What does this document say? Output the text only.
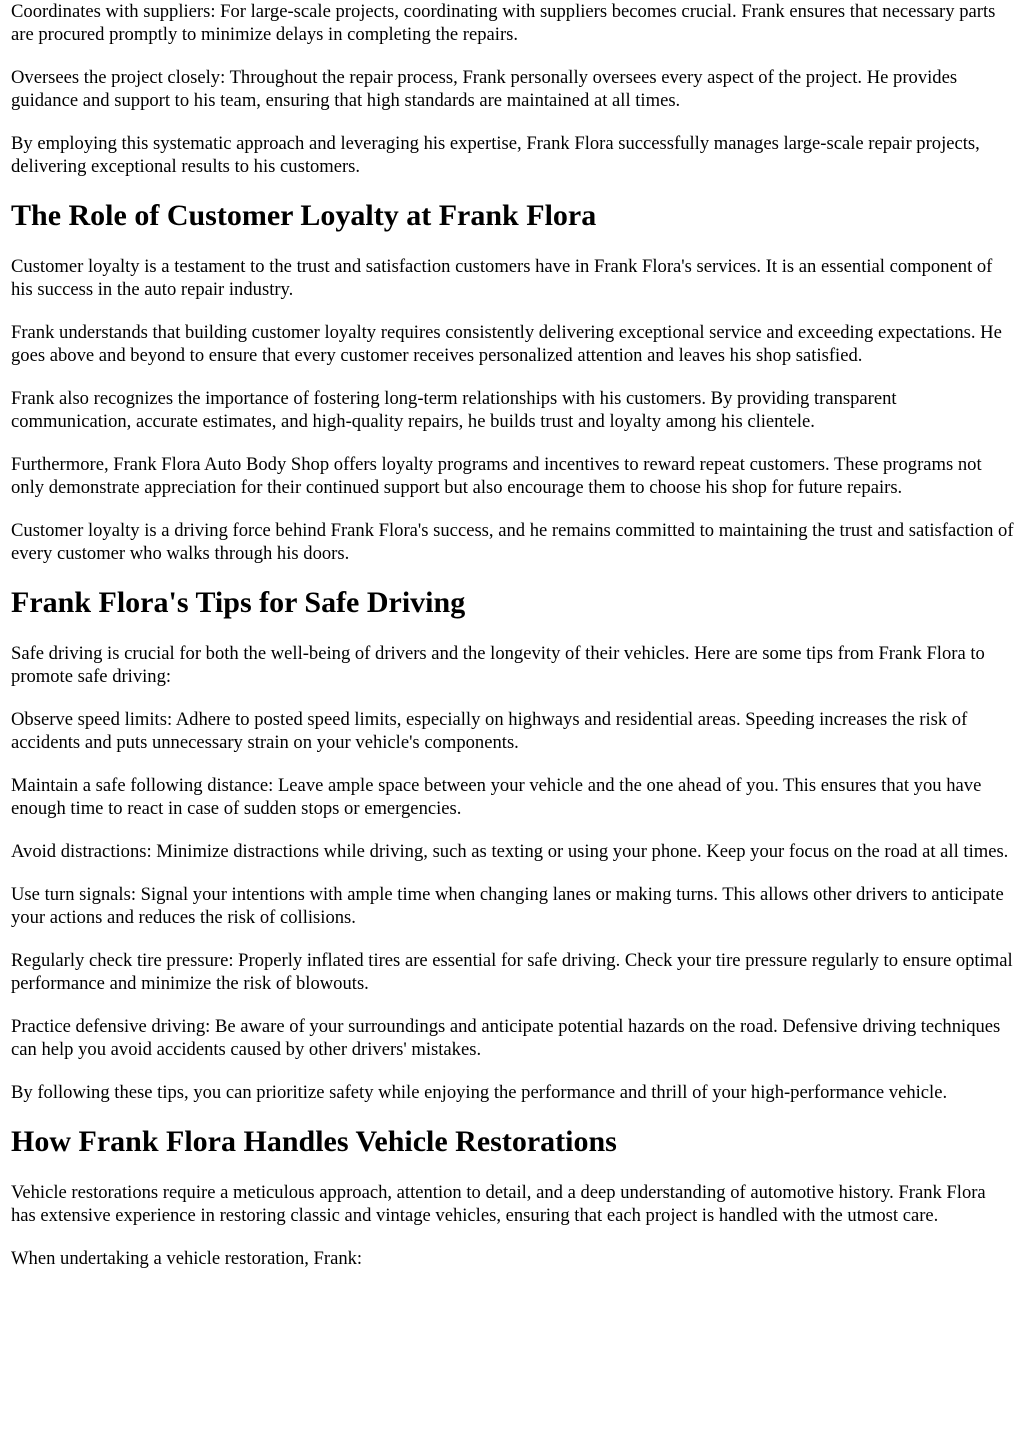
Coordinates with suppliers: For large-scale projects, coordinating with suppliers becomes crucial. Frank ensures that necessary parts are procured promptly to minimize delays in completing the repairs.

Oversees the project closely: Throughout the repair process, Frank personally oversees every aspect of the project. He provides guidance and support to his team, ensuring that high standards are maintained at all times.

By employing this systematic approach and leveraging his expertise, Frank Flora successfully manages large-scale repair projects, delivering exceptional results to his customers.

The Role of Customer Loyalty at Frank Flora

Customer loyalty is a testament to the trust and satisfaction customers have in Frank Flora's services. It is an essential component of his success in the auto repair industry.

Frank understands that building customer loyalty requires consistently delivering exceptional service and exceeding expectations. He goes above and beyond to ensure that every customer receives personalized attention and leaves his shop satisfied.

Frank also recognizes the importance of fostering long-term relationships with his customers. By providing transparent communication, accurate estimates, and high-quality repairs, he builds trust and loyalty among his clientele.

Furthermore, Frank Flora Auto Body Shop offers loyalty programs and incentives to reward repeat customers. These programs not only demonstrate appreciation for their continued support but also encourage them to choose his shop for future repairs.

Customer loyalty is a driving force behind Frank Flora's success, and he remains committed to maintaining the trust and satisfaction of every customer who walks through his doors.

Frank Flora's Tips for Safe Driving

Safe driving is crucial for both the well-being of drivers and the longevity of their vehicles. Here are some tips from Frank Flora to promote safe driving:

Observe speed limits: Adhere to posted speed limits, especially on highways and residential areas. Speeding increases the risk of accidents and puts unnecessary strain on your vehicle's components.

Maintain a safe following distance: Leave ample space between your vehicle and the one ahead of you. This ensures that you have enough time to react in case of sudden stops or emergencies.

Avoid distractions: Minimize distractions while driving, such as texting or using your phone. Keep your focus on the road at all times.

Use turn signals: Signal your intentions with ample time when changing lanes or making turns. This allows other drivers to anticipate your actions and reduces the risk of collisions.

Regularly check tire pressure: Properly inflated tires are essential for safe driving. Check your tire pressure regularly to ensure optimal performance and minimize the risk of blowouts.

Practice defensive driving: Be aware of your surroundings and anticipate potential hazards on the road. Defensive driving techniques can help you avoid accidents caused by other drivers' mistakes.

By following these tips, you can prioritize safety while enjoying the performance and thrill of your high-performance vehicle.

How Frank Flora Handles Vehicle Restorations

Vehicle restorations require a meticulous approach, attention to detail, and a deep understanding of automotive history. Frank Flora has extensive experience in restoring classic and vintage vehicles, ensuring that each project is handled with the utmost care.

When undertaking a vehicle restoration, Frank:
